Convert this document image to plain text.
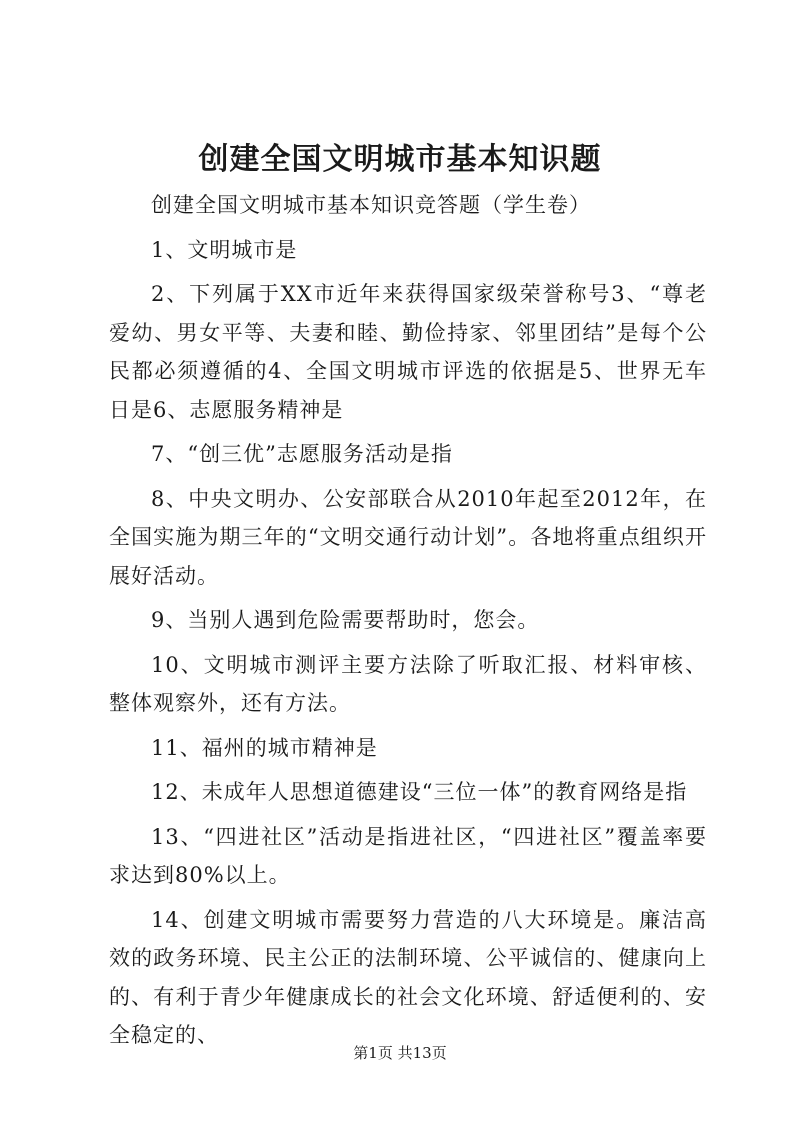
创建全国文明城市基本知识题

创建全国文明城市基本知识竞答题（学生卷）

1、文明城市是

2、下列属于XX市近年来获得国家级荣誉称号3、“尊老爱幼、男女平等、夫妻和睦、勤俭持家、邻里团结”是每个公民都必须遵循的4、全国文明城市评选的依据是5、世界无车日是6、志愿服务精神是

7、“创三优”志愿服务活动是指

8、中央文明办、公安部联合从2010年起至2012年，在全国实施为期三年的“文明交通行动计划”。各地将重点组织开展好活动。

9、当别人遇到危险需要帮助时，您会。

10、文明城市测评主要方法除了听取汇报、材料审核、整体观察外，还有方法。

11、福州的城市精神是

12、未成年人思想道德建设“三位一体”的教育网络是指

13、“四进社区”活动是指进社区，“四进社区”覆盖率要求达到80%以上。

14、创建文明城市需要努力营造的八大环境是。廉洁高效的政务环境、民主公正的法制环境、公平诚信的、健康向上的、有利于青少年健康成长的社会文化环境、舒适便利的、安全稳定的、

第1页 共13页
